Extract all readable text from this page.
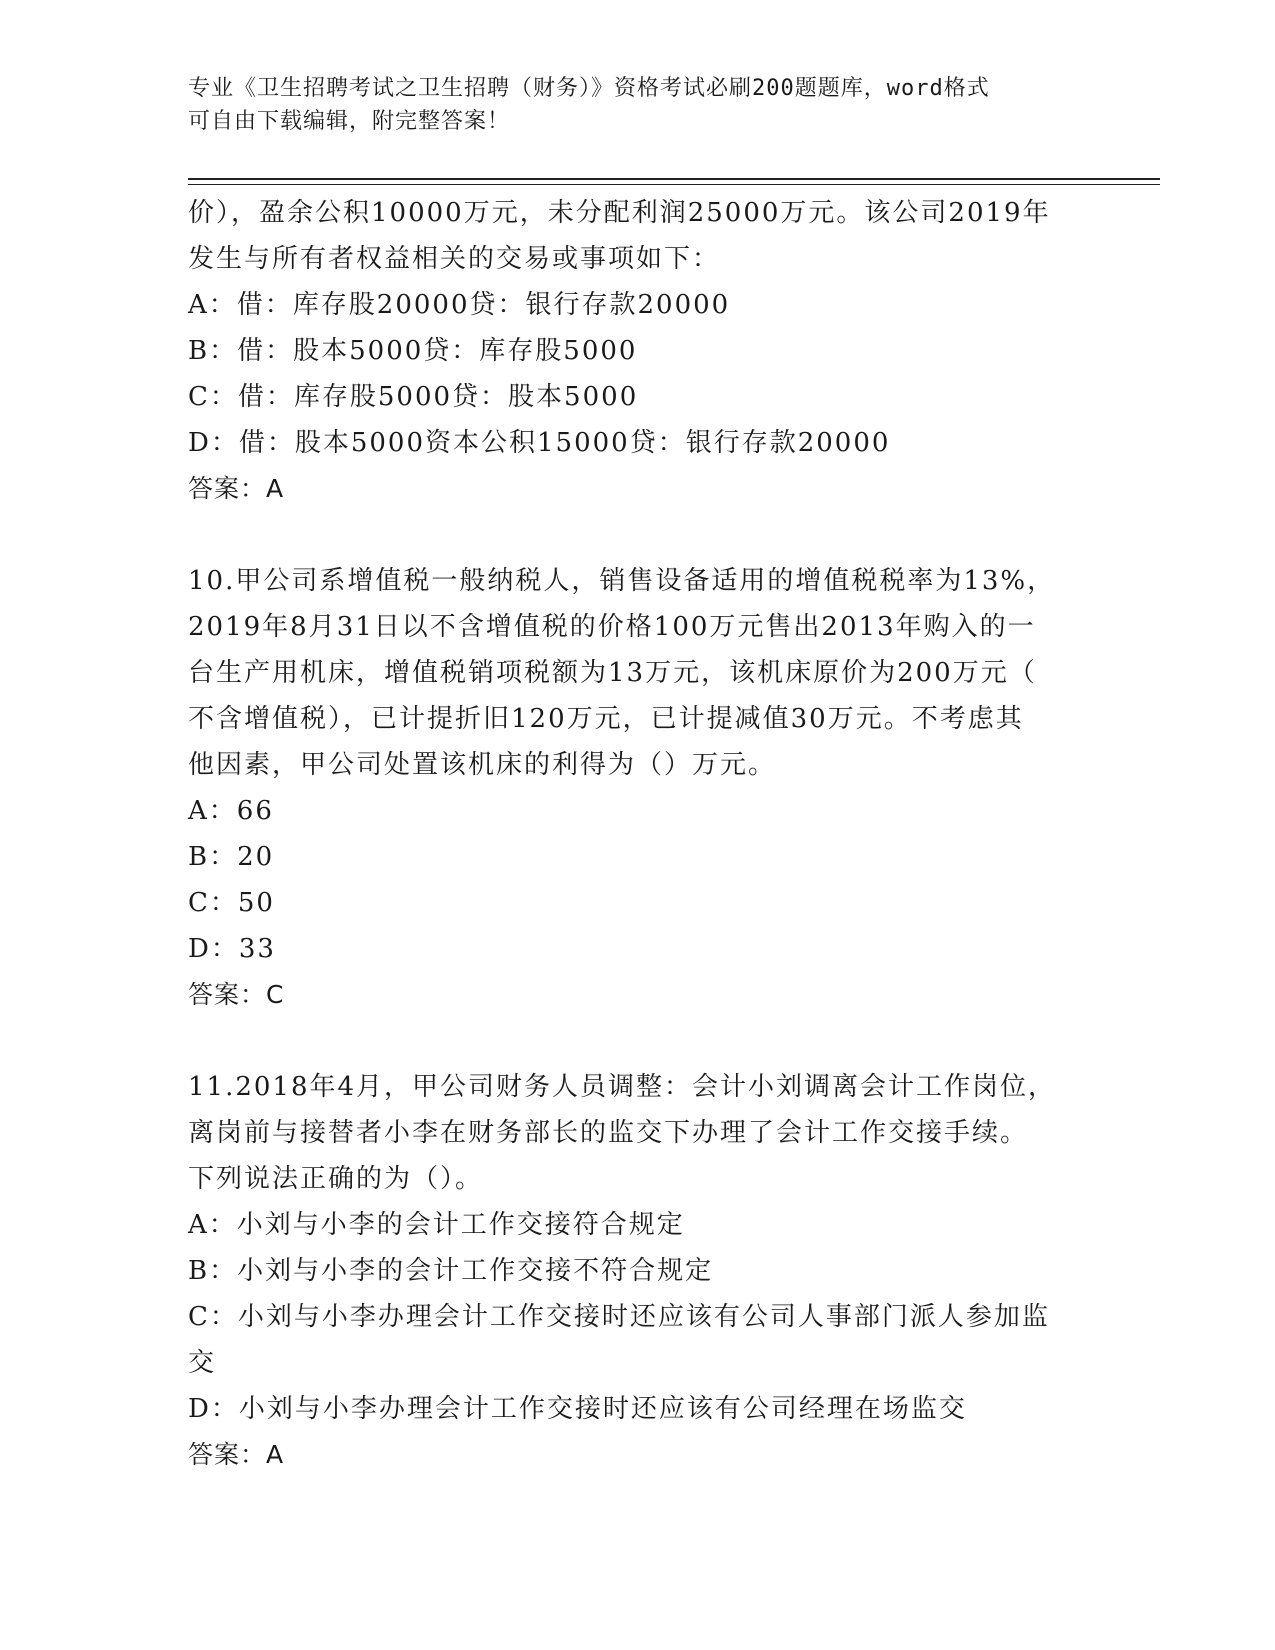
专业《卫生招聘考试之卫生招聘（财务）》资格考试必刷200题题库，word格式
可自由下载编辑，附完整答案！
价），盈余公积10000万元，未分配利润25000万元。该公司2019年
发生与所有者权益相关的交易或事项如下：
A：借：库存股20000贷：银行存款20000
B：借：股本5000贷：库存股5000
C：借：库存股5000贷：股本5000
D：借：股本5000资本公积15000贷：银行存款20000
答案：A
10.甲公司系增值税一般纳税人，销售设备适用的增值税税率为13%，
2019年8月31日以不含增值税的价格100万元售出2013年购入的一
台生产用机床，增值税销项税额为13万元，该机床原价为200万元（
不含增值税），已计提折旧120万元，已计提减值30万元。不考虑其
他因素，甲公司处置该机床的利得为（）万元。
A：66
B：20
C：50
D：33
答案：C
11.2018年4月，甲公司财务人员调整：会计小刘调离会计工作岗位，
离岗前与接替者小李在财务部长的监交下办理了会计工作交接手续。
下列说法正确的为（）。
A：小刘与小李的会计工作交接符合规定
B：小刘与小李的会计工作交接不符合规定
C：小刘与小李办理会计工作交接时还应该有公司人事部门派人参加监
交
D：小刘与小李办理会计工作交接时还应该有公司经理在场监交
答案：A
